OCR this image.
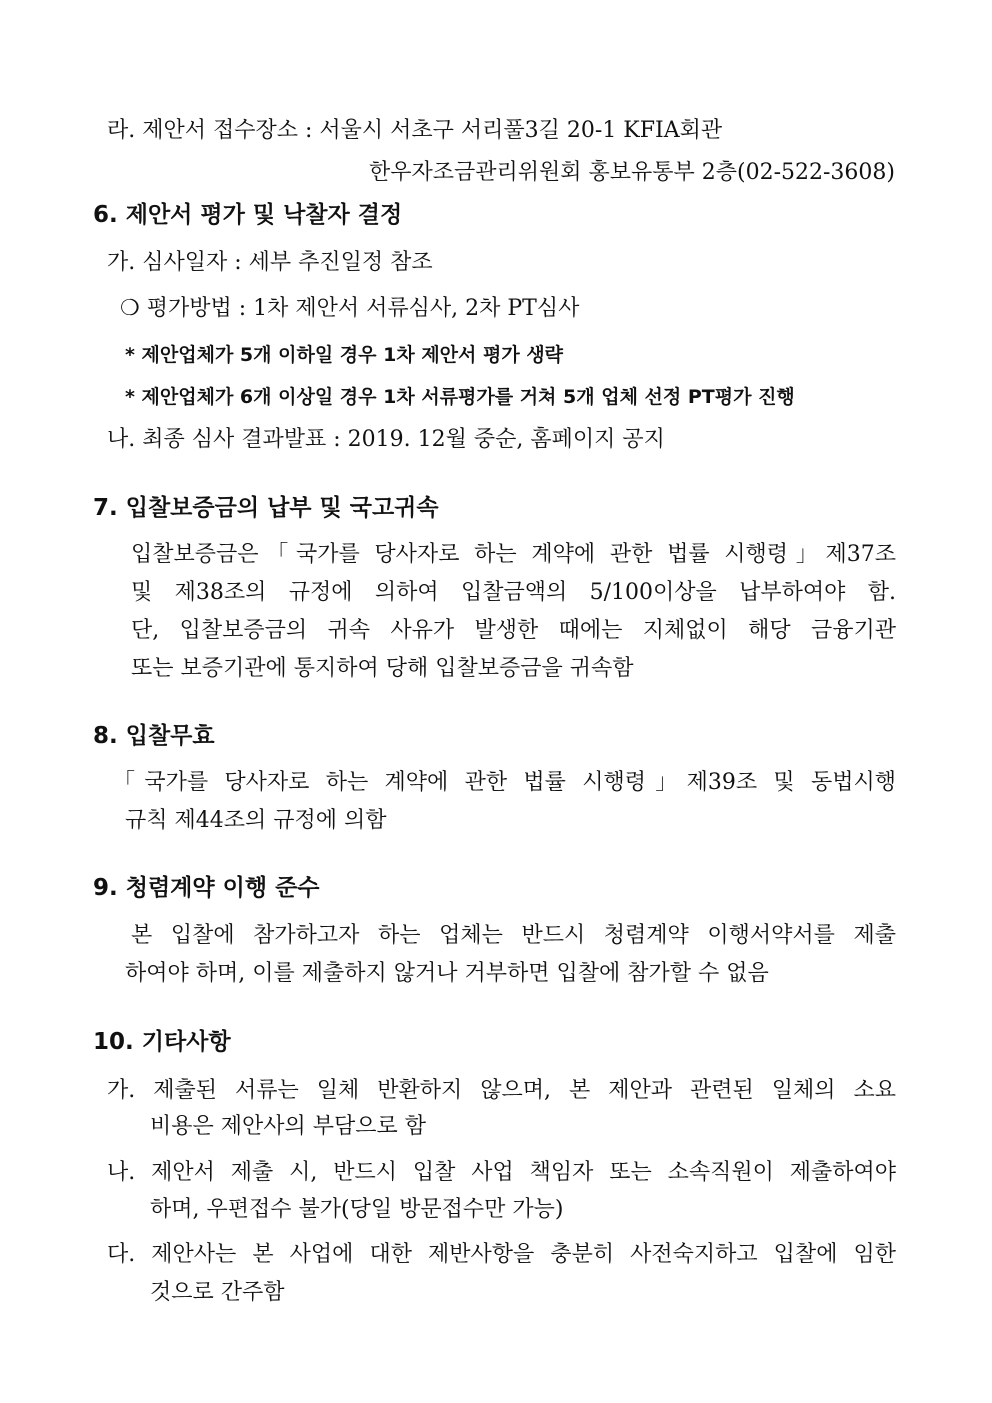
라. 제안서 접수장소 : 서울시 서초구 서리풀3길 20-1 KFIA회관
한우자조금관리위원회 홍보유통부 2층(02-522-3608)
6. 제안서 평가 및 낙찰자 결정
가. 심사일자 : 세부 추진일정 참조
❍ 평가방법 : 1차 제안서 서류심사, 2차 PT심사
* 제안업체가 5개 이하일 경우 1차 제안서 평가 생략
* 제안업체가 6개 이상일 경우 1차 서류평가를 거쳐 5개 업체 선정 PT평가 진행
나. 최종 심사 결과발표 : 2019. 12월 중순, 홈페이지 공지
7. 입찰보증금의 납부 및 국고귀속
입찰보증금은「국가를 당사자로 하는 계약에 관한 법률 시행령」제37조
및 제38조의 규정에 의하여 입찰금액의 5/100이상을 납부하여야 함.
단, 입찰보증금의 귀속 사유가 발생한 때에는 지체없이 해당 금융기관
또는 보증기관에 통지하여 당해 입찰보증금을 귀속함
8. 입찰무효
「국가를 당사자로 하는 계약에 관한 법률 시행령」제39조 및 동법시행
규칙 제44조의 규정에 의함
9. 청렴계약 이행 준수
본 입찰에 참가하고자 하는 업체는 반드시 청렴계약 이행서약서를 제출
하여야 하며, 이를 제출하지 않거나 거부하면 입찰에 참가할 수 없음
10. 기타사항
가. 제출된 서류는 일체 반환하지 않으며, 본 제안과 관련된 일체의 소요
비용은 제안사의 부담으로 함
나. 제안서 제출 시, 반드시 입찰 사업 책임자 또는 소속직원이 제출하여야
하며, 우편접수 불가(당일 방문접수만 가능)
다. 제안사는 본 사업에 대한 제반사항을 충분히 사전숙지하고 입찰에 임한
것으로 간주함
